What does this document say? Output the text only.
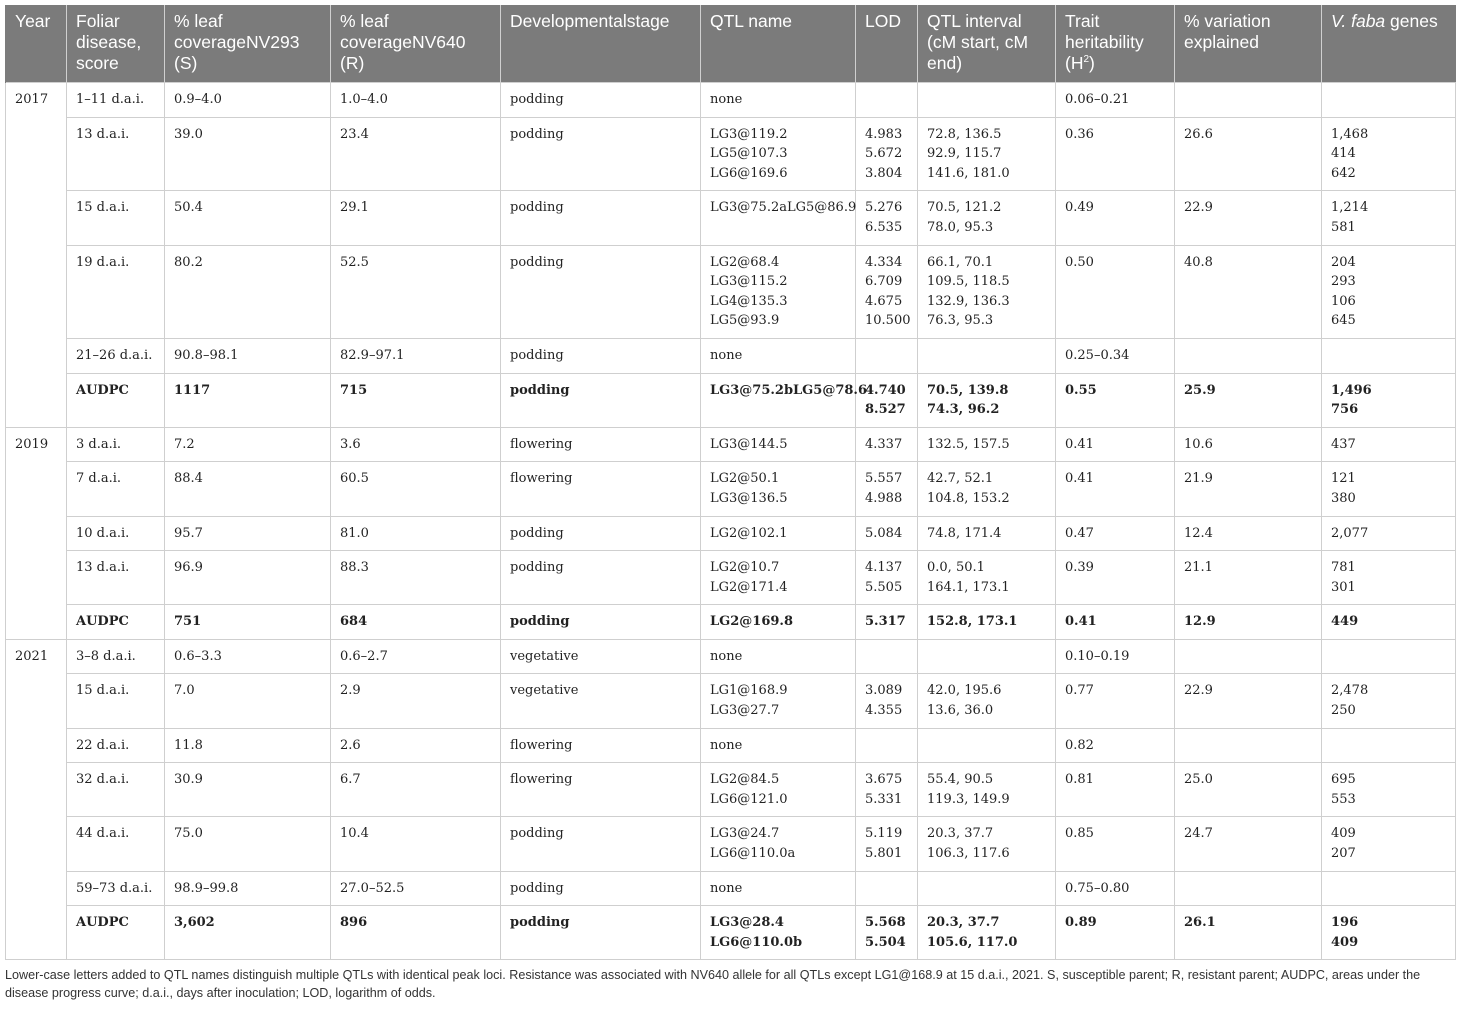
Year	Foliar disease, score	% leaf coverageNV293 (S)	% leaf coverageNV640 (R)	Developmentalstage	QTL name	LOD	QTL interval (cM start, cM end)	Trait heritability $(H^2)$	% variation explained	V. faba genes
2017	1–11 d.a.i.	0.9–4.0	1.0–4.0	podding	none			0.06–0.21		
	13 d.a.i.	39.0	23.4	podding	LG3@119.2
LG5@107.3
LG6@169.6	4.983
5.672
3.804	72.8, 136.5
92.9, 115.7
141.6, 181.0	0.36	26.6	1,468
414
642
	15 d.a.i.	50.4	29.1	podding	LG3@75.2aLG5@86.9	5.276
6.535	70.5, 121.2
78.0, 95.3	0.49	22.9	1,214
581
	19 d.a.i.	80.2	52.5	podding	LG2@68.4
LG3@115.2
LG4@135.3
LG5@93.9	4.334
6.709
4.675
10.500	66.1, 70.1
109.5, 118.5
132.9, 136.3
76.3, 95.3	0.50	40.8	204
293
106
645
	21–26 d.a.i.	90.8–98.1	82.9–97.1	podding	none			0.25–0.34		
	AUDPC	1117	715	podding	LG3@75.2bLG5@78.6	4.740
8.527	70.5, 139.8
74.3, 96.2	0.55	25.9	1,496
756
2019	3 d.a.i.	7.2	3.6	flowering	LG3@144.5	4.337	132.5, 157.5	0.41	10.6	437
	7 d.a.i.	88.4	60.5	flowering	LG2@50.1
LG3@136.5	5.557
4.988	42.7, 52.1
104.8, 153.2	0.41	21.9	121
380
	10 d.a.i.	95.7	81.0	podding	LG2@102.1	5.084	74.8, 171.4	0.47	12.4	2,077
	13 d.a.i.	96.9	88.3	podding	LG2@10.7
LG2@171.4	4.137
5.505	0.0, 50.1
164.1, 173.1	0.39	21.1	781
301
	AUDPC	751	684	podding	LG2@169.8	5.317	152.8, 173.1	0.41	12.9	449
2021	3–8 d.a.i.	0.6–3.3	0.6–2.7	vegetative	none			0.10–0.19		
	15 d.a.i.	7.0	2.9	vegetative	LG1@168.9
LG3@27.7	3.089
4.355	42.0, 195.6
13.6, 36.0	0.77	22.9	2,478
250
	22 d.a.i.	11.8	2.6	flowering	none			0.82		
	32 d.a.i.	30.9	6.7	flowering	LG2@84.5
LG6@121.0	3.675
5.331	55.4, 90.5
119.3, 149.9	0.81	25.0	695
553
	44 d.a.i.	75.0	10.4	podding	LG3@24.7
LG6@110.0a	5.119
5.801	20.3, 37.7
106.3, 117.6	0.85	24.7	409
207
	59–73 d.a.i.	98.9–99.8	27.0–52.5	podding	none			0.75–0.80		
	AUDPC	3,602	896	podding	LG3@28.4
LG6@110.0b	5.568
5.504	20.3, 37.7
105.6, 117.0	0.89	26.1	196
409
Lower-case letters added to QTL names distinguish multiple QTLs with identical peak loci. Resistance was associated with NV640 allele for all QTLs except LG1@168.9 at 15 d.a.i., 2021. S, susceptible parent; R, resistant parent; AUDPC, areas under the disease progress curve; d.a.i., days after inoculation; LOD, logarithm of odds.
